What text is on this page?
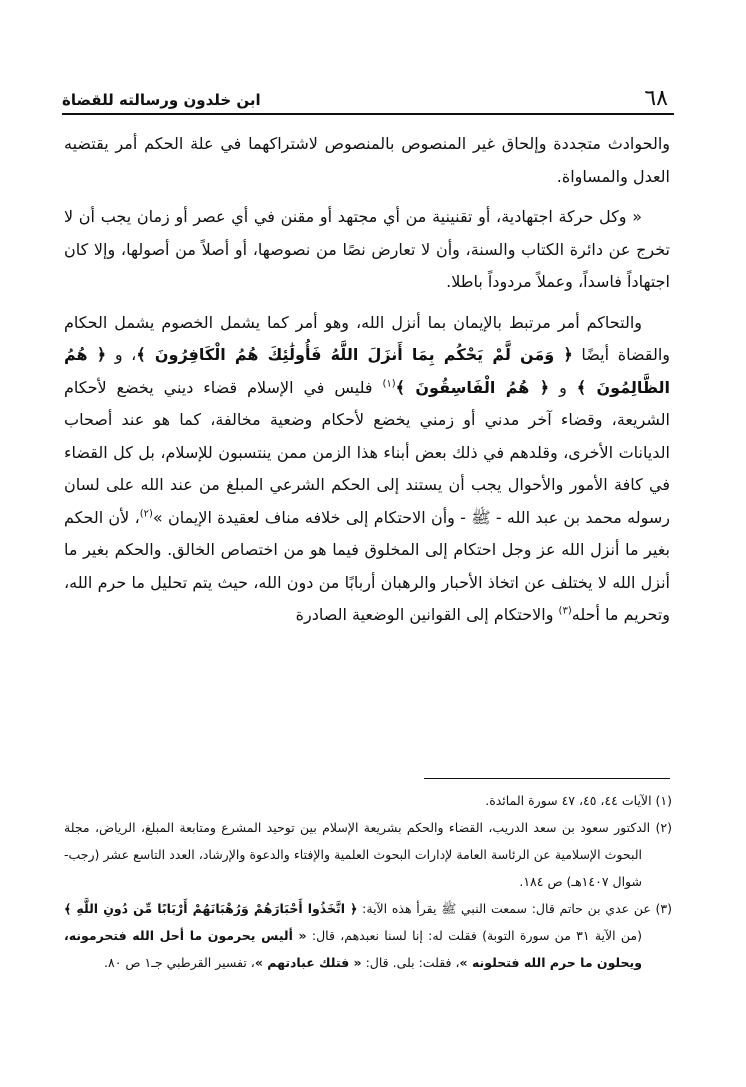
٦٨
ابن خلدون ورسالته للقضاة

والحوادث متجددة وإلحاق غير المنصوص بالمنصوص لاشتراكهما في علة الحكم أمر يقتضيه العدل والمساواة.

« وكل حركة اجتهادية، أو تقنينية من أي مجتهد أو مقنن في أي عصر أو زمان يجب أن لا تخرج عن دائرة الكتاب والسنة، وأن لا تعارض نصًا من نصوصها، أو أصلاً من أصولها، وإلا كان اجتهاداً فاسداً، وعملاً مردوداً باطلا.

والتحاكم أمر مرتبط بالإيمان بما أنزل الله، وهو أمر كما يشمل الخصوم يشمل الحكام والقضاة أيضًا ﴿ وَمَن لَّمْ يَحْكُم بِمَا أَنزَلَ اللَّهُ فَأُولَٰئِكَ هُمُ الْكَافِرُونَ ﴾، و ﴿ هُمُ الظَّالِمُونَ ﴾ و ﴿ هُمُ الْفَاسِقُونَ ﴾$^{(١)}$ فليس في الإسلام قضاء ديني يخضع لأحكام الشريعة، وقضاء آخر مدني أو زمني يخضع لأحكام وضعية مخالفة، كما هو عند أصحاب الديانات الأخرى، وقلدهم في ذلك بعض أبناء هذا الزمن ممن ينتسبون للإسلام، بل كل القضاء في كافة الأمور والأحوال يجب أن يستند إلى الحكم الشرعي المبلغ من عند الله على لسان رسوله محمد بن عبد الله - ﷺ - وأن الاحتكام إلى خلافه مناف لعقيدة الإيمان »$^{(٢)}$، لأن الحكم بغير ما أنزل الله عز وجل احتكام إلى المخلوق فيما هو من اختصاص الخالق. والحكم بغير ما أنزل الله لا يختلف عن اتخاذ الأحبار والرهبان أربابًا من دون الله، حيث يتم تحليل ما حرم الله، وتحريم ما أحله$^{(٣)}$ والاحتكام إلى القوانين الوضعية الصادرة

(١) الآيات ٤٤، ٤٥، ٤٧ سورة المائدة.

(٢) الدكتور سعود بن سعد الدريب، القضاء والحكم بشريعة الإسلام بين توحيد المشرع ومتابعة المبلغ، الرياض، مجلة البحوث الإسلامية عن الرئاسة العامة لإدارات البحوث العلمية والإفتاء والدعوة والإرشاد، العدد التاسع عشر (رجب-شوال ١٤٠٧هـ) ص ١٨٤.

(٣) عن عدي بن حاتم قال: سمعت النبي ﷺ يقرأ هذه الآية: ﴿ اتَّخَذُوا أَحْبَارَهُمْ وَرُهْبَانَهُمْ أَرْبَابًا مِّن دُونِ اللَّهِ ﴾ (من الآية ٣١ من سورة التوبة) فقلت له: إنا لسنا نعبدهم، قال: « أليس يحرمون ما أحل الله فتحرمونه، ويحلون ما حرم الله فتحلونه »، فقلت: بلى. قال: « فتلك عبادتهم »، تفسير القرطبي جـ١ ص ٨٠.
